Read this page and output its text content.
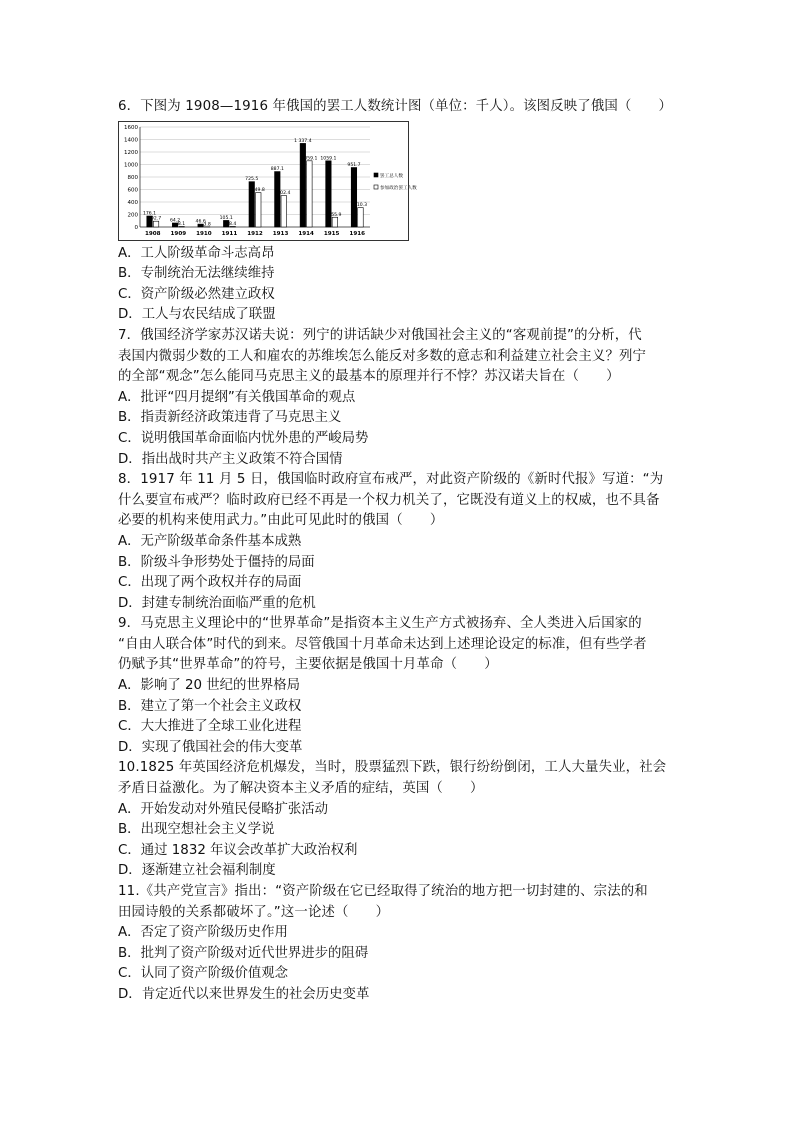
6．下图为 1908—1916 年俄国的罢工人数统计图（单位：千人）。该图反映了俄国（　　）
0
200
400
600
800
1000
1200
1400
1600
176.1
92.7
1908
64.2
8.1
1909
46.6
3.8
1910
105.1
8.4
1911
725.5
549.8
1912
887.1
502.4
1913
1 337.4
1059.1
1914
1059.1
155.9
1915
951.7
310.3
1916
罢工总人数
参加政治罢工人数
A．工人阶级革命斗志高昂
B．专制统治无法继续维持
C．资产阶级必然建立政权
D．工人与农民结成了联盟
7．俄国经济学家苏汉诺夫说：列宁的讲话缺少对俄国社会主义的“客观前提”的分析，代
表国内微弱少数的工人和雇农的苏维埃怎么能反对多数的意志和利益建立社会主义？列宁
的全部“观念”怎么能同马克思主义的最基本的原理并行不悖？苏汉诺夫旨在（　　）
A．批评“四月提纲”有关俄国革命的观点
B．指责新经济政策违背了马克思主义
C．说明俄国革命面临内忧外患的严峻局势
D．指出战时共产主义政策不符合国情
8．1917 年 11 月 5 日，俄国临时政府宣布戒严，对此资产阶级的《新时代报》写道：“为
什么要宣布戒严？临时政府已经不再是一个权力机关了，它既没有道义上的权威，也不具备
必要的机构来使用武力。”由此可见此时的俄国（　　）
A．无产阶级革命条件基本成熟
B．阶级斗争形势处于僵持的局面
C．出现了两个政权并存的局面
D．封建专制统治面临严重的危机
9．马克思主义理论中的“世界革命”是指资本主义生产方式被扬弃、全人类进入后国家的
“自由人联合体”时代的到来。尽管俄国十月革命未达到上述理论设定的标准，但有些学者
仍赋予其“世界革命”的符号，主要依据是俄国十月革命（　　）
A．影响了 20 世纪的世界格局
B．建立了第一个社会主义政权
C．大大推进了全球工业化进程
D．实现了俄国社会的伟大变革
10.1825 年英国经济危机爆发，当时，股票猛烈下跌，银行纷纷倒闭，工人大量失业，社会
矛盾日益激化。为了解决资本主义矛盾的症结，英国（　　）
A．开始发动对外殖民侵略扩张活动
B．出现空想社会主义学说
C．通过 1832 年议会改革扩大政治权利
D．逐渐建立社会福利制度
11.《共产党宣言》指出：“资产阶级在它已经取得了统治的地方把一切封建的、宗法的和
田园诗般的关系都破坏了。”这一论述（　　）
A．否定了资产阶级历史作用
B．批判了资产阶级对近代世界进步的阻碍
C．认同了资产阶级价值观念
D．肯定近代以来世界发生的社会历史变革
